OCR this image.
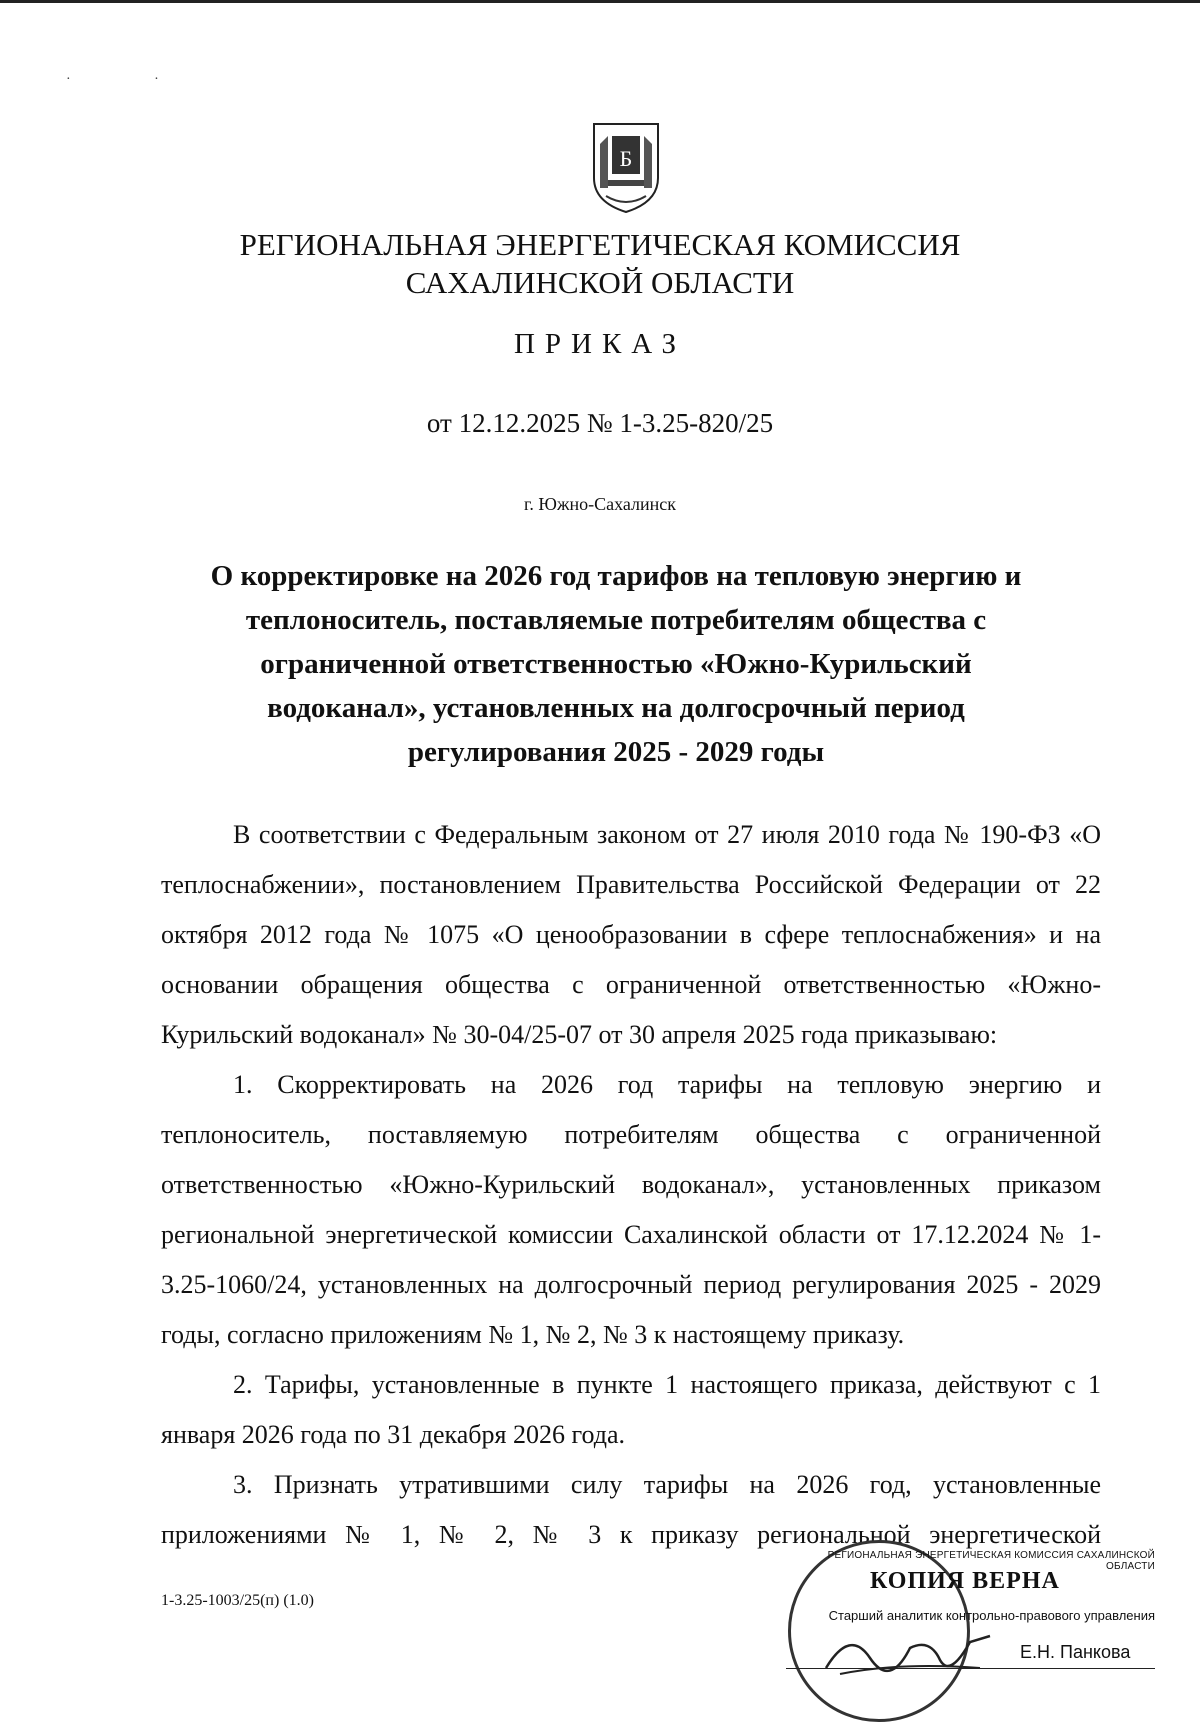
· ·
Б
РЕГИОНАЛЬНАЯ ЭНЕРГЕТИЧЕСКАЯ КОМИССИЯ
САХАЛИНСКОЙ ОБЛАСТИ
ПРИКАЗ
от 12.12.2025 № 1-3.25-820/25
г. Южно-Сахалинск
О корректировке на 2026 год тарифов на тепловую энергию и
теплоноситель, поставляемые потребителям общества с
ограниченной ответственностью «Южно-Курильский
водоканал», установленных на долгосрочный период
регулирования 2025 - 2029 годы

В соответствии с Федеральным законом от 27 июля 2010 года № 190-ФЗ «О теплоснабжении», постановлением Правительства Российской Федерации от 22 октября 2012 года № 1075 «О ценообразовании в сфере теплоснабжения» и на основании обращения общества с ограниченной ответственностью «Южно-Курильский водоканал» № 30-04/25-07 от 30 апреля 2025 года приказываю:

1. Скорректировать на 2026 год тарифы на тепловую энергию и теплоноситель, поставляемую потребителям общества с ограниченной ответственностью «Южно-Курильский водоканал», установленных приказом региональной энергетической комиссии Сахалинской области от 17.12.2024 № 1-3.25-1060/24, установленных на долгосрочный период регулирования 2025 - 2029 годы, согласно приложениям № 1, № 2, № 3 к настоящему приказу.

2. Тарифы, установленные в пункте 1 настоящего приказа, действуют с 1 января 2026 года по 31 декабря 2026 года.

3. Признать утратившими силу тарифы на 2026 год, установленные приложениями № 1, № 2, № 3 к приказу региональной энергетической

1-3.25-1003/25(п) (1.0)
РЕГИОНАЛЬНАЯ ЭНЕРГЕТИЧЕСКАЯ КОМИССИЯ САХАЛИНСКОЙ ОБЛАСТИ
КОПИЯ ВЕРНА
Старший аналитик контрольно-правового управления
Е.Н. Панкова
